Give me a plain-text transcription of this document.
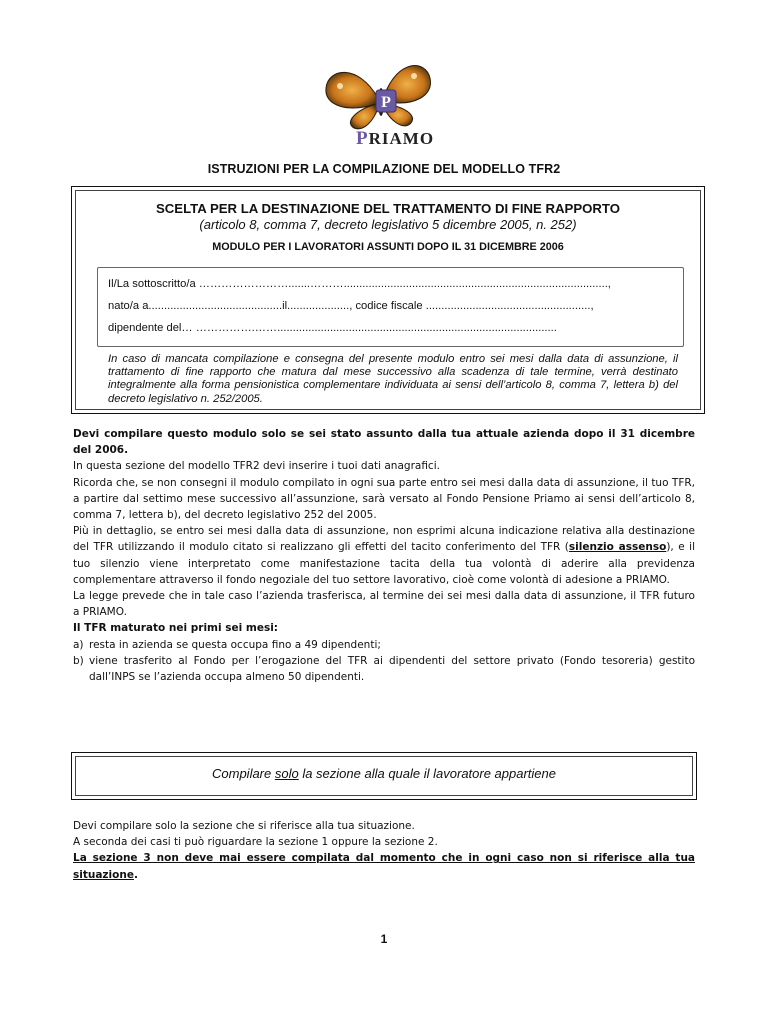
P
PRIAMO
ISTRUZIONI PER LA COMPILAZIONE DEL MODELLO TFR2
SCELTA PER LA DESTINAZIONE DEL TRATTAMENTO DI FINE RAPPORTO
(articolo 8, comma 7, decreto legislativo 5 dicembre 2005, n. 252)
MODULO PER I LAVORATORI ASSUNTI DOPO IL 31 DICEMBRE 2006
Il/La sottoscritto/a …………………….......……….....................................................................................,
nato/a a...........................................il...................., codice fiscale .....................................................,
dipendente del… …………….……..........................................................................................
In caso di mancata compilazione e consegna del presente modulo entro sei mesi dalla data di assunzione, il trattamento di fine rapporto che matura dal mese successivo alla scadenza di tale termine, verrà destinato integralmente alla forma pensionistica complementare individuata ai sensi dell’articolo 8, comma 7, lettera b) del decreto legislativo n. 252/2005.

Devi compilare questo modulo solo se sei stato assunto dalla tua attuale azienda dopo il 31 dicembre del 2006.

In questa sezione del modello TFR2 devi inserire i tuoi dati anagrafici.

Ricorda che, se non consegni il modulo compilato in ogni sua parte entro sei mesi dalla data di assunzione, il tuo TFR, a partire dal settimo mese successivo all’assunzione, sarà versato al Fondo Pensione Priamo ai sensi dell’articolo 8, comma 7, lettera b), del decreto legislativo 252 del 2005.

Più in dettaglio, se entro sei mesi dalla data di assunzione, non esprimi alcuna indicazione relativa alla destinazione del TFR utilizzando il modulo citato si realizzano gli effetti del tacito conferimento del TFR (silenzio assenso), e il tuo silenzio viene interpretato come manifestazione tacita della tua volontà di aderire alla previdenza complementare attraverso il fondo negoziale del tuo settore lavorativo, cioè come volontà di adesione a PRIAMO.

La legge prevede che in tale caso l’azienda trasferisca, al termine dei sei mesi dalla data di assunzione, il TFR futuro a PRIAMO.

Il TFR maturato nei primi sei mesi:

a) resta in azienda se questa occupa fino a 49 dipendenti;
b) viene trasferito al Fondo per l’erogazione del TFR ai dipendenti del settore privato (Fondo tesoreria) gestito dall’INPS se l’azienda occupa almeno 50 dipendenti.
Compilare solo la sezione alla quale il lavoratore appartiene

Devi compilare solo la sezione che si riferisce alla tua situazione.

A seconda dei casi ti può riguardare la sezione 1 oppure la sezione 2.

La sezione 3 non deve mai essere compilata dal momento che in ogni caso non si riferisce alla tua situazione.

1
